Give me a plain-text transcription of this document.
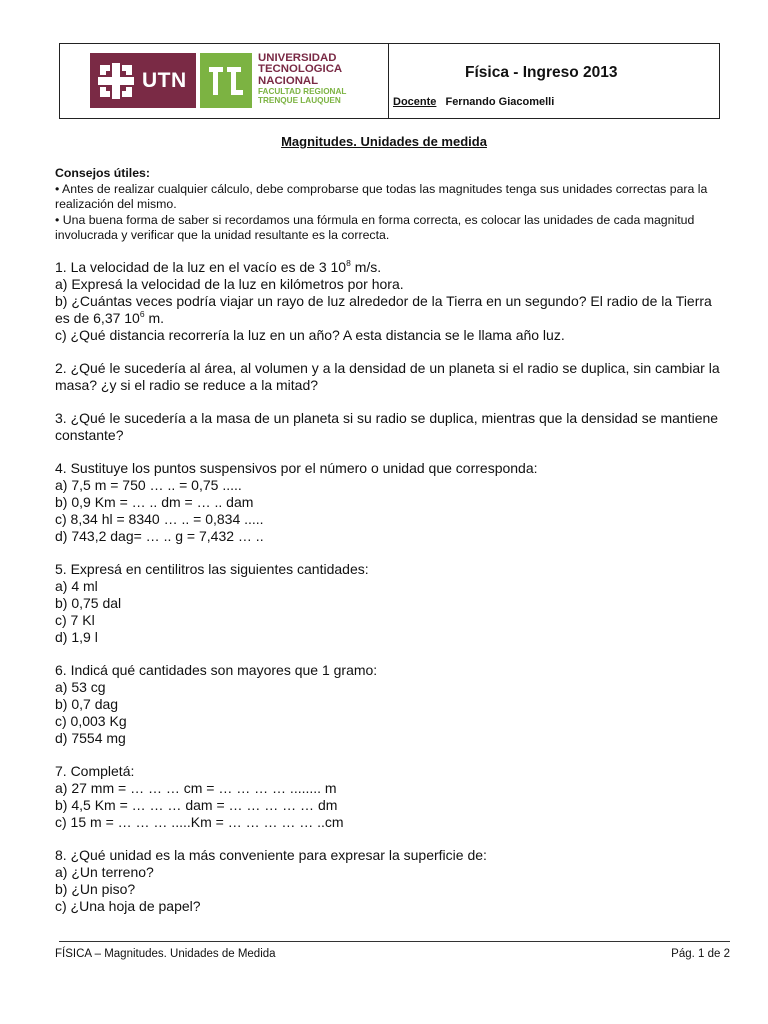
UTN
UNIVERSIDAD
TECNOLOGICA
NACIONAL
FACULTAD REGIONAL
TRENQUE LAUQUEN
Física - Ingreso 2013
Docente Fernando Giacomelli
Magnitudes. Unidades de medida
Consejos útiles:

• Antes de realizar cualquier cálculo, debe comprobarse que todas las magnitudes tenga sus unidades correctas para la realización del mismo.

• Una buena forma de saber si recordamos una fórmula en forma correcta, es colocar las unidades de cada magnitud involucrada y verificar que la unidad resultante es la correcta.

1. La velocidad de la luz en el vacío es de 3 $10^8$ m/s.

a) Expresá la velocidad de la luz en kilómetros por hora.

b) ¿Cuántas veces podría viajar un rayo de luz alrededor de la Tierra en un segundo? El radio de la Tierra es de 6,37 $10^6$ m.

c) ¿Qué distancia recorrería la luz en un año? A esta distancia se le llama año luz.

2. ¿Qué le sucedería al área, al volumen y a la densidad de un planeta si el radio se duplica, sin cambiar la masa? ¿y si el radio se reduce a la mitad?

3. ¿Qué le sucedería a la masa de un planeta si su radio se duplica, mientras que la densidad se mantiene constante?

4. Sustituye los puntos suspensivos por el número o unidad que corresponda:

a) 7,5 m = 750 … .. = 0,75 .....

b) 0,9 Km = … .. dm = … .. dam

c) 8,34 hl = 8340 … .. = 0,834 .....

d) 743,2 dag= … .. g = 7,432 … ..

5. Expresá en centilitros las siguientes cantidades:

a) 4 ml

b) 0,75 dal

c) 7 Kl

d) 1,9 l

6. Indicá qué cantidades son mayores que 1 gramo:

a) 53 cg

b) 0,7 dag

c) 0,003 Kg

d) 7554 mg

7. Completá:

a) 27 mm = … … … cm = … … … … ........ m

b) 4,5 Km = … … … dam = … … … … … dm

c) 15 m = … … … .....Km = … … … … … ..cm

8. ¿Qué unidad es la más conveniente para expresar la superficie de:

a) ¿Un terreno?

b) ¿Un piso?

c) ¿Una hoja de papel?

FÍSICA – Magnitudes. Unidades de Medida	Pág. 1 de 2
